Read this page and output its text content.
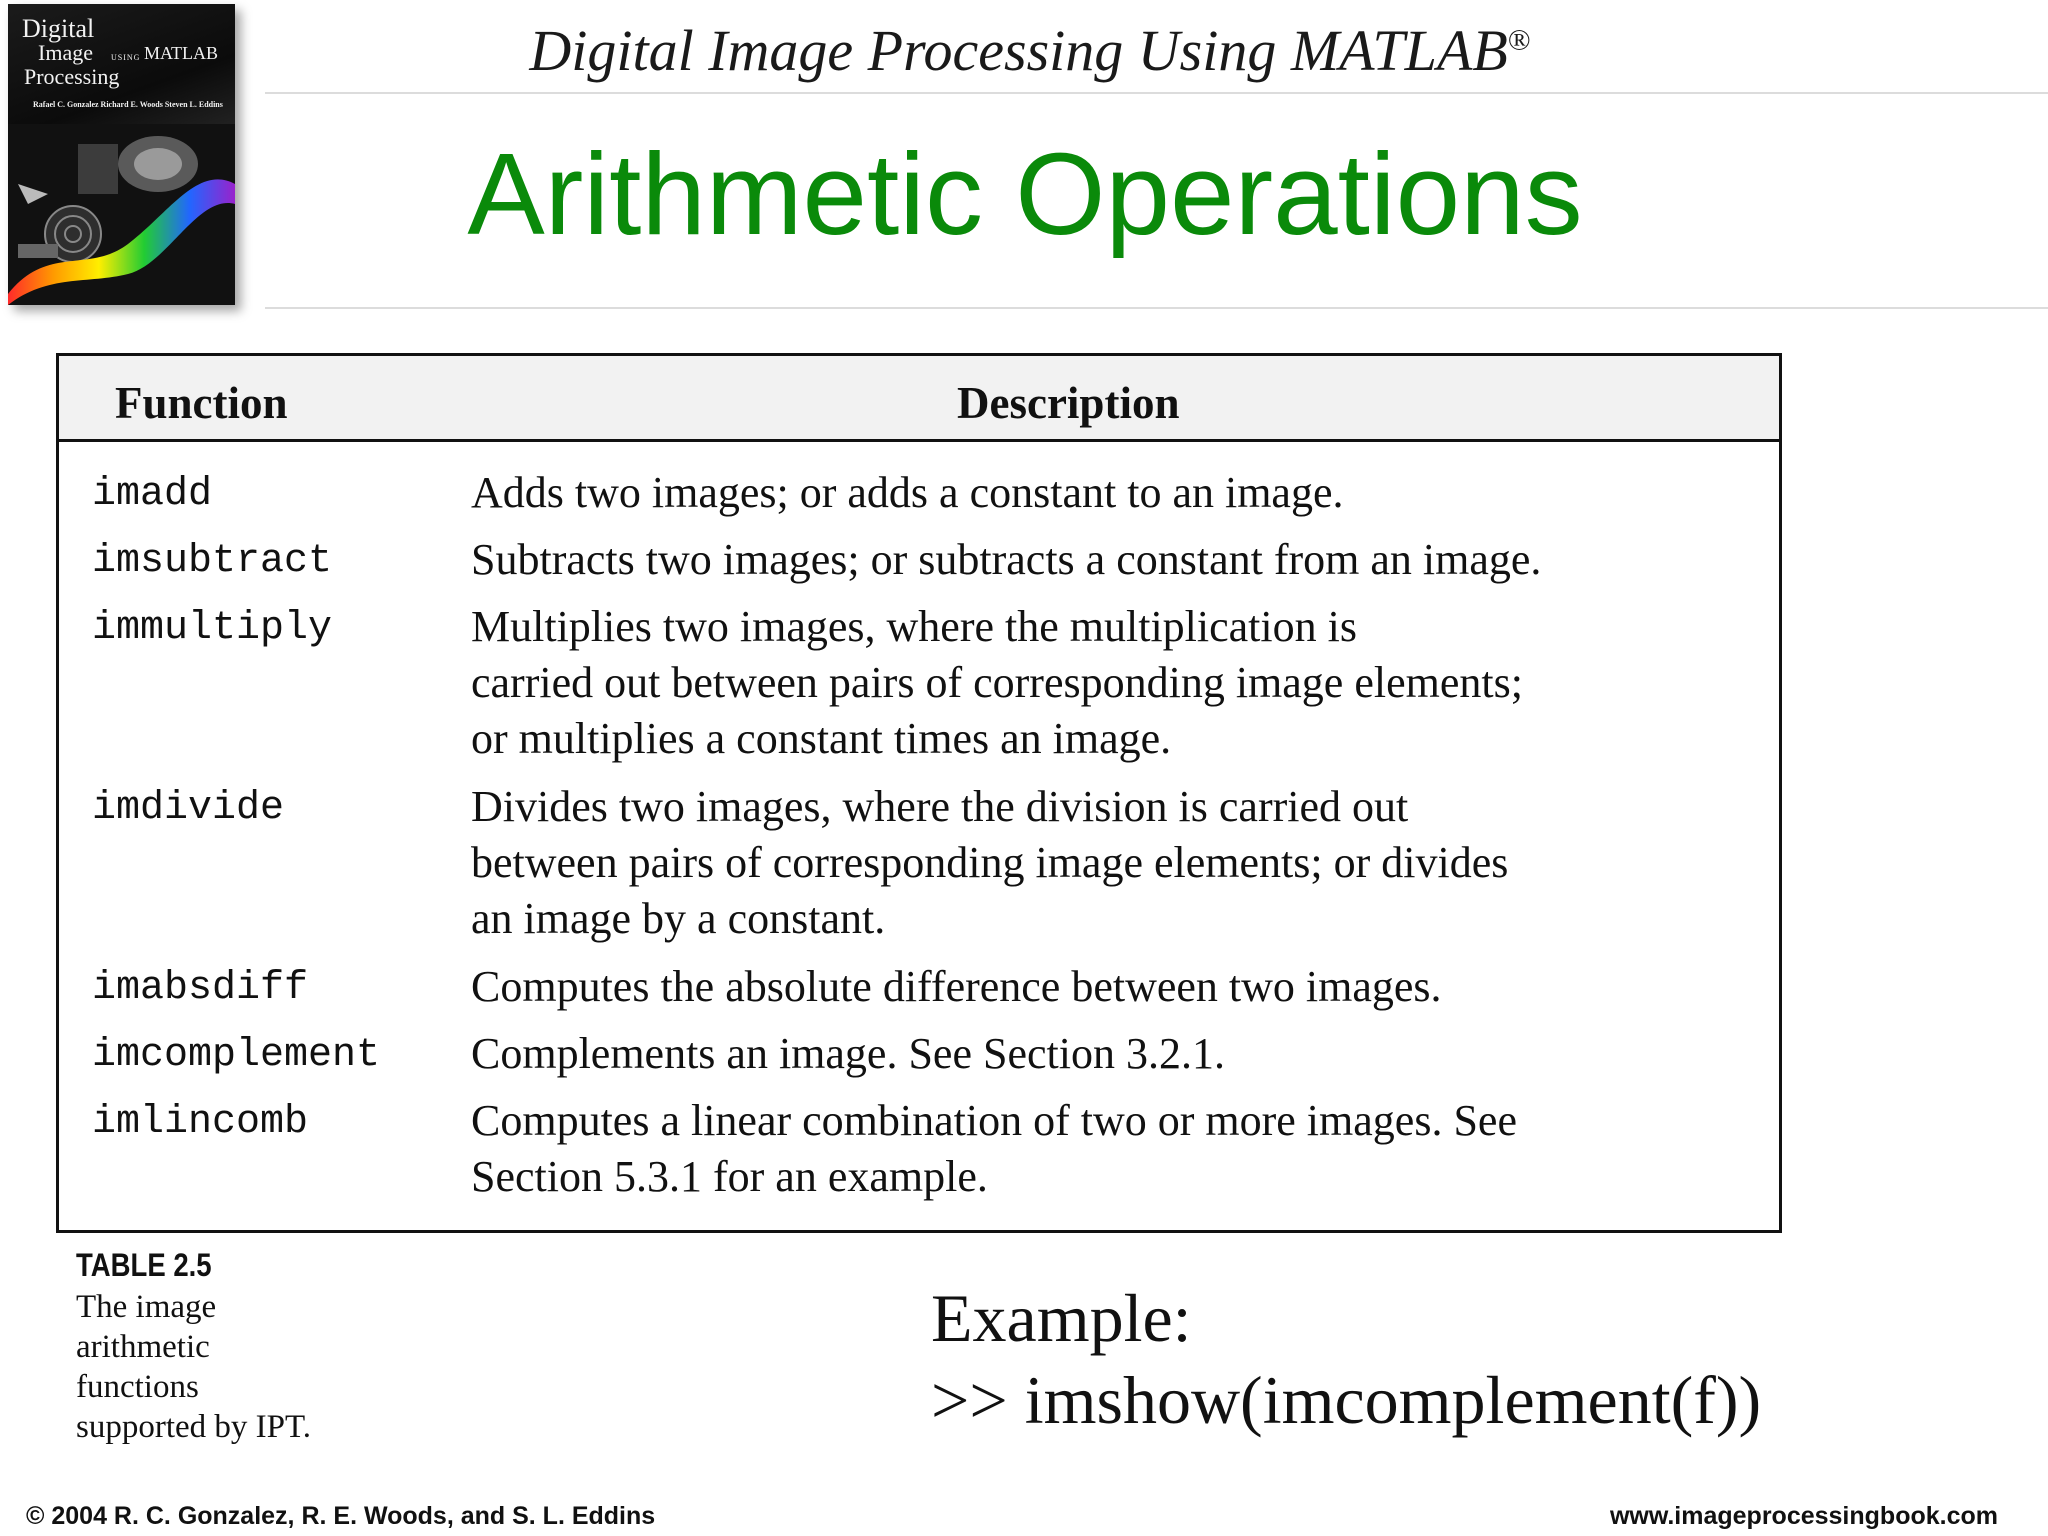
Digital
Image
Processing
USING MATLAB
Rafael C. Gonzalez Richard E. Woods Steven L. Eddins
Digital Image Processing Using MATLAB®
Arithmetic Operations
Function	Description
imadd	Adds two images; or adds a constant to an image.
imsubtract	Subtracts two images; or subtracts a constant from an image.
immultiply	Multiplies two images, where the multiplication is
carried out between pairs of corresponding image elements;
or multiplies a constant times an image.
imdivide	Divides two images, where the division is carried out
between pairs of corresponding image elements; or divides
an image by a constant.
imabsdiff	Computes the absolute difference between two images.
imcomplement Complements an image. See Section 3.2.1.
imlincomb	Computes a linear combination of two or more images. See
Section 5.3.1 for an example.
TABLE 2.5
The image
arithmetic
functions
supported by IPT.
Example:
>> imshow(imcomplement(f))
© 2004 R. C. Gonzalez, R. E. Woods, and S. L. Eddins	www.imageprocessingbook.com
